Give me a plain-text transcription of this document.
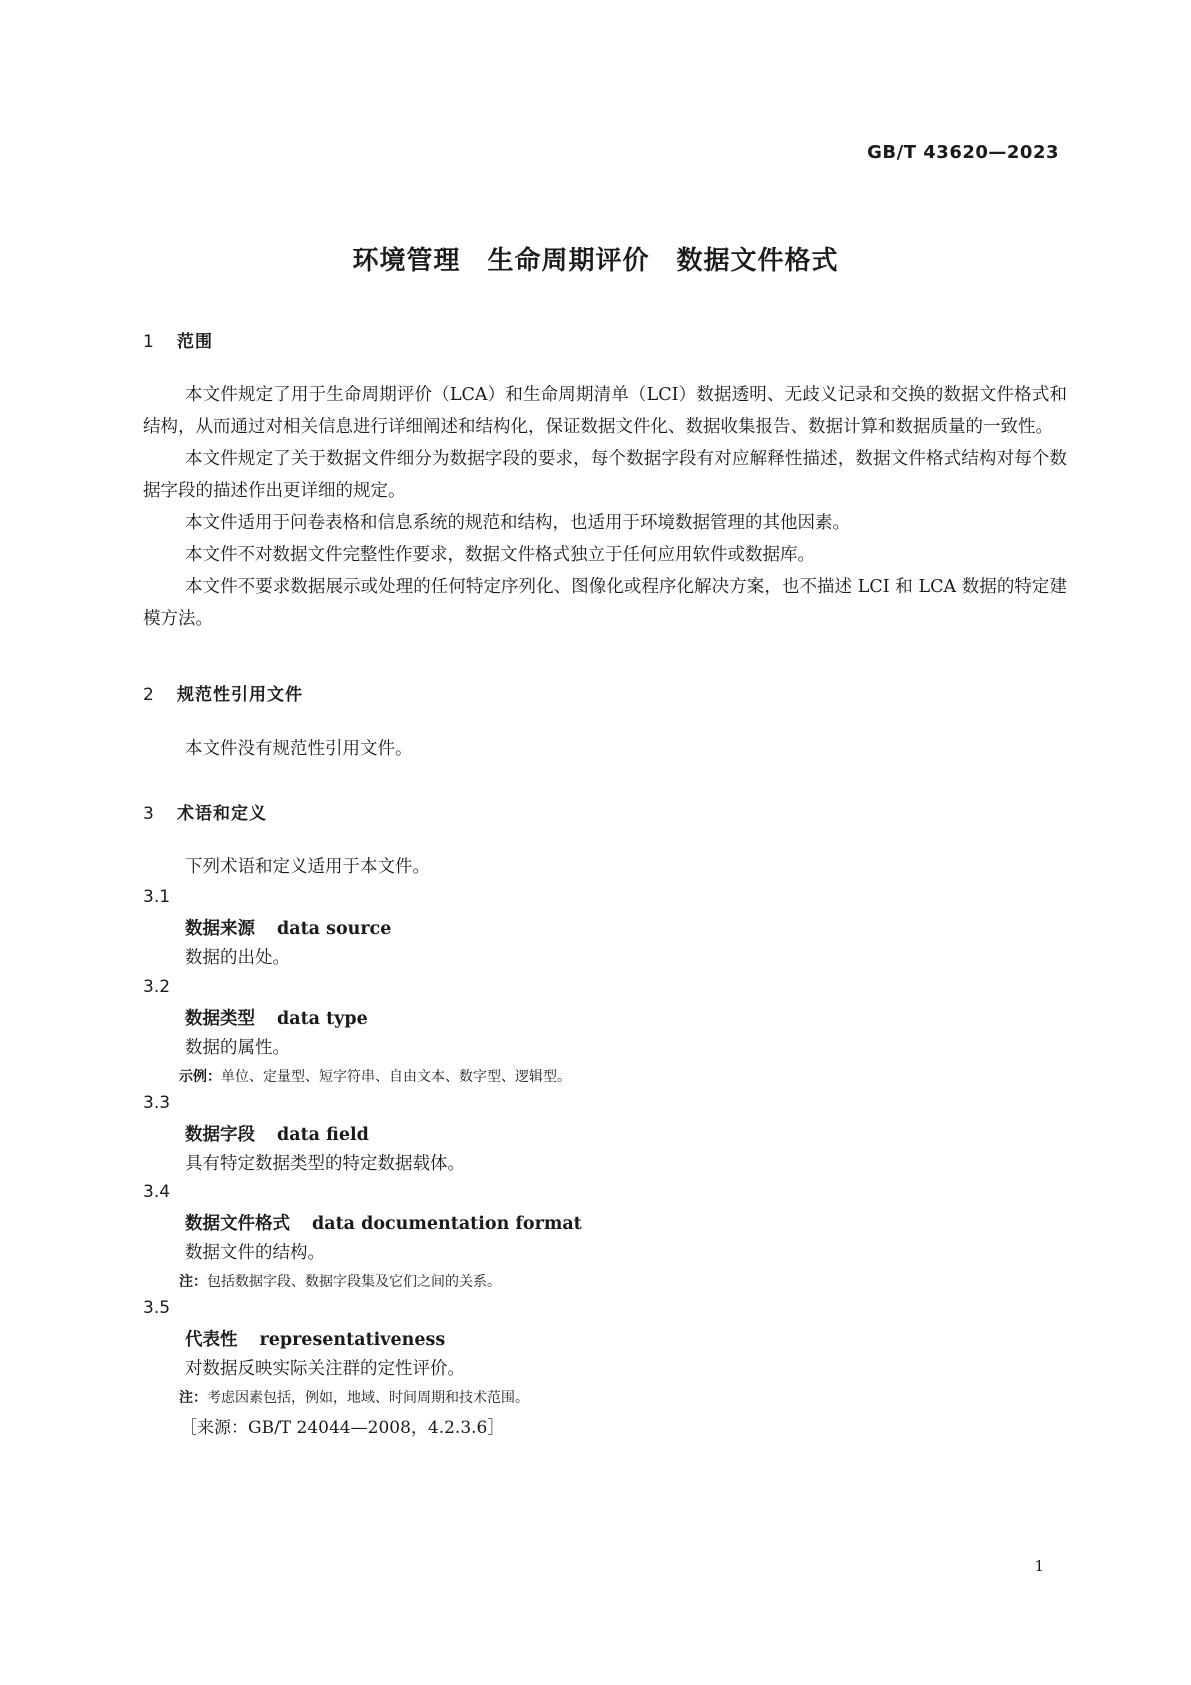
GB/T 43620—2023
环境管理　生命周期评价　数据文件格式
1 范围

本文件规定了用于生命周期评价（LCA）和生命周期清单（LCI）数据透明、无歧义记录和交换的数据文件格式和结构，从而通过对相关信息进行详细阐述和结构化，保证数据文件化、数据收集报告、数据计算和数据质量的一致性。

本文件规定了关于数据文件细分为数据字段的要求，每个数据字段有对应解释性描述，数据文件格式结构对每个数据字段的描述作出更详细的规定。

本文件适用于问卷表格和信息系统的规范和结构，也适用于环境数据管理的其他因素。

本文件不对数据文件完整性作要求，数据文件格式独立于任何应用软件或数据库。

本文件不要求数据展示或处理的任何特定序列化、图像化或程序化解决方案，也不描述 LCI 和 LCA 数据的特定建模方法。

2 规范性引用文件

本文件没有规范性引用文件。

3 术语和定义

下列术语和定义适用于本文件。

3.1
数据来源 data source
数据的出处。
3.2
数据类型 data type
数据的属性。
示例：单位、定量型、短字符串、自由文本、数字型、逻辑型。
3.3
数据字段 data field
具有特定数据类型的特定数据载体。
3.4
数据文件格式 data documentation format
数据文件的结构。
注：包括数据字段、数据字段集及它们之间的关系。
3.5
代表性 representativeness
对数据反映实际关注群的定性评价。
注：考虑因素包括，例如，地域、时间周期和技术范围。
［来源：GB/T 24044—2008，4.2.3.6］
1
